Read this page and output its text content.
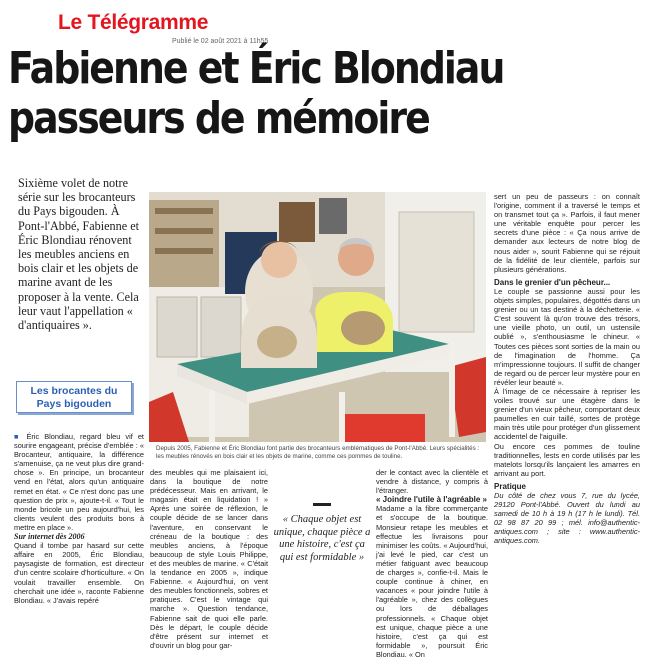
Le Télégramme
Publié le 02 août 2021 à 11h55
Fabienne et Éric Blondiau
passeurs de mémoire
Sixième volet de notre série sur les brocanteurs du Pays bigouden. À Pont-l'Abbé, Fabienne et Éric Blondiau rénovent les meubles anciens en bois clair et les objets de marine avant de les proposer à la vente. Cela leur vaut l'appellation « d'antiquaires ».
Les brocantes du
Pays bigouden

■ Éric Blondiau, regard bleu vif et sourire engageant, précise d'emblée : « Brocanteur, antiquaire, la différence s'amenuise, ça ne veut plus dire grand-chose ». En principe, un brocanteur vend en l'état, alors qu'un antiquaire remet en état. « Ce n'est donc pas une question de prix », ajoute-t-il. « Tout le monde bricole un peu aujourd'hui, les clients veulent des produits bons à mettre en place ».

Sur internet dès 2006

Quand il tombe par hasard sur cette affaire en 2005, Éric Blondiau, paysagiste de formation, est directeur d'un centre scolaire d'horticulture. « On voulait travailler ensemble. On cherchait une idée », raconte Fabienne Blondiau. « J'avais repéré

Depuis 2005, Fabienne et Éric Blondiau font partie des brocanteurs emblématiques de Pont-l'Abbé. Leurs spécialités : les meubles rénovés en bois clair et les objets de marine, comme ces pommes de touline.

des meubles qui me plaisaient ici, dans la boutique de notre prédécesseur. Mais en arrivant, le magasin était en liquidation ! » Après une soirée de réflexion, le couple décide de se lancer dans l'aventure, en conservant le créneau de la boutique : des meubles anciens, à l'époque beaucoup de style Louis Philippe, et des meubles de marine. « C'était la tendance en 2005 », indique Fabienne. « Aujourd'hui, on vent des meubles fonctionnels, sobres et pratiques. C'est le vintage qui marche ». Question tendance, Fabienne sait de quoi elle parle. Dès le départ, le couple décide d'être présent sur internet et d'ouvrir un blog pour gar-

« Chaque objet est unique, chaque pièce a une histoire, c'est ça qui est formidable »

der le contact avec la clientèle et vendre à distance, y compris à l'étranger.

« Joindre l'utile à l'agréable »

Madame a la fibre commerçante et s'occupe de la boutique. Monsieur retape les meubles et effectue les livraisons pour minimiser les coûts. « Aujourd'hui, j'ai levé le pied, car c'est un métier fatiguant avec beaucoup de charges », confie-t-il. Mais le couple continue à chiner, en vacances « pour joindre l'utile à l'agréable », chez des collègues ou lors de déballages professionnels. « Chaque objet est unique, chaque pièce a une histoire, c'est ça qui est formidable », poursuit Éric Blondiau. « On

sert un peu de passeurs : on connaît l'origine, comment il a traversé le temps et on transmet tout ça ». Parfois, il faut mener une véritable enquête pour percer les secrets d'une pièce : « Ça nous arrive de demander aux lecteurs de notre blog de nous aider », sourit Fabienne qui se réjouit de la fidélité de leur clientèle, parfois sur plusieurs générations.

Dans le grenier d'un pêcheur...

Le couple se passionne aussi pour les objets simples, populaires, dégottés dans un grenier ou un tas destiné à la déchetterie. « C'est souvent là qu'on trouve des trésors, une vieille photo, un outil, un ustensile oublié », s'enthousiasme le chineur. « Toutes ces pièces sont sorties de la main ou de l'imagination de l'homme. Ça m'impressionne toujours. Il suffit de changer de regard ou de percer leur mystère pour en révéler leur beauté ».

À l'image de ce nécessaire à repriser les voiles trouvé sur une étagère dans le grenier d'un vieux pêcheur, comportant deux paumelles en cuir taillé, sortes de protège main très utile pour protéger d'un glissement accidentel de l'aiguille.

Ou encore ces pommes de touline traditionnelles, lests en corde utilisés par les matelots lorsqu'ils lançaient les amarres en arrivant au port.

Pratique

Du côté de chez vous 7, rue du lycée, 29120 Pont-l'Abbé. Ouvert du lundi au samedi de 10 h à 19 h (17 h le lundi). Tél. 02 98 87 20 99 ; mél. info@authentic-antiques.com ; site : www.authentic-antiques.com.
